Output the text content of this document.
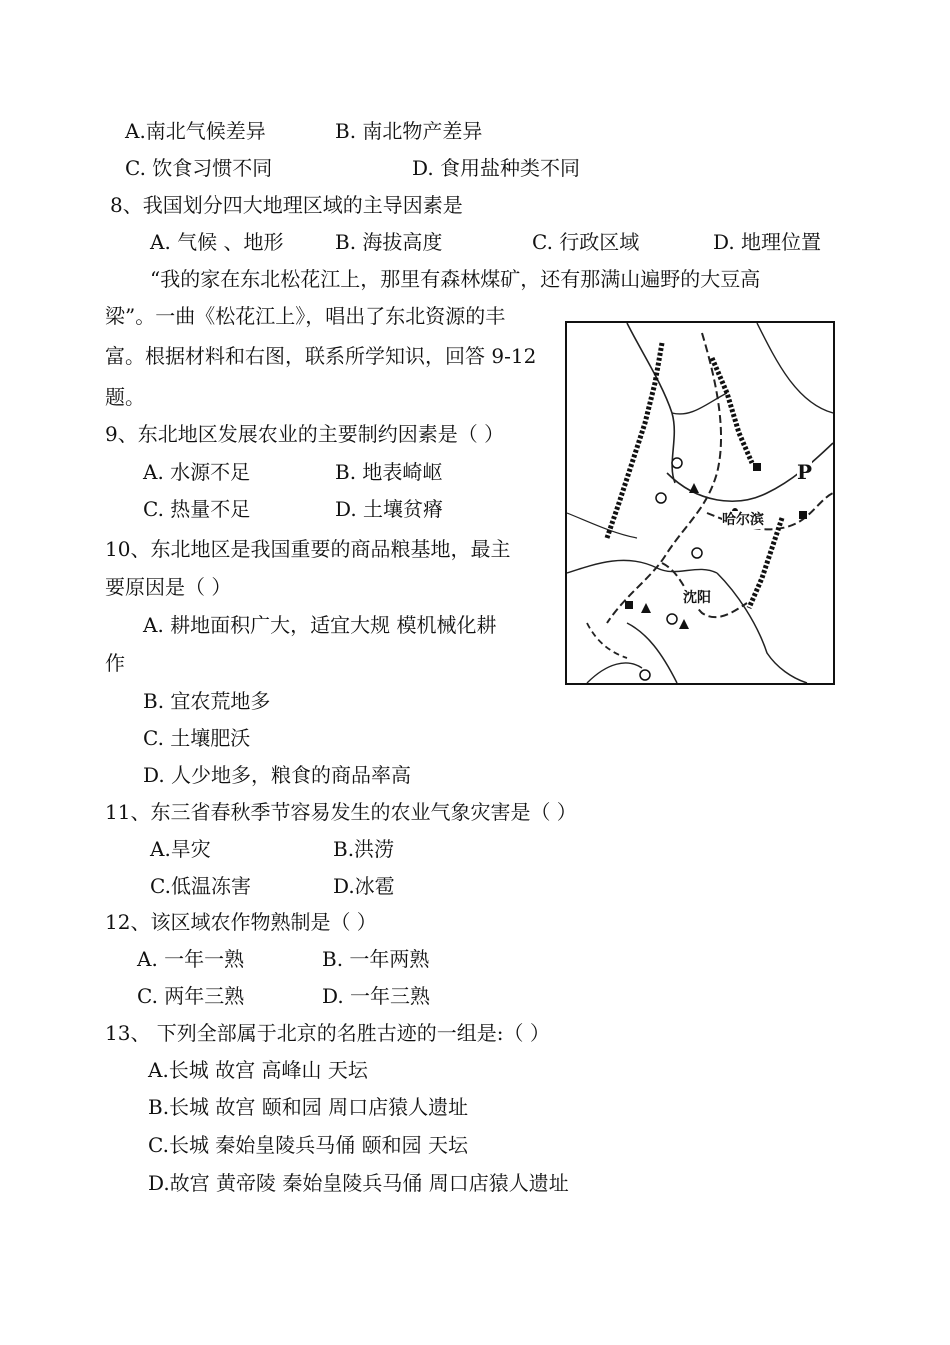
A.南北气候差异	B. 南北物产差异
C. 饮食习惯不同	D. 食用盐种类不同
8、我国划分四大地理区域的主导因素是
A. 气候 、地形	B. 海拔高度	C. 行政区域	D. 地理位置
“我的家在东北松花江上，那里有森林煤矿，还有那满山遍野的大豆高
梁”。一曲《松花江上》，唱出了东北资源的丰
富。根据材料和右图，联系所学知识，回答 9-12
题。
P
哈尔滨
沈阳
9、东北地区发展农业的主要制约因素是（ ）
A. 水源不足	B. 地表崎岖
C. 热量不足	D. 土壤贫瘠
10、东北地区是我国重要的商品粮基地，最主
要原因是（ ）
A. 耕地面积广大，适宜大规 模机械化耕
作
B. 宜农荒地多
C. 土壤肥沃
D. 人少地多，粮食的商品率高
11、东三省春秋季节容易发生的农业气象灾害是（ ）
A.旱灾	B.洪涝
C.低温冻害	D.冰雹
12、该区域农作物熟制是（ ）
A. 一年一熟	B. 一年两熟
C. 两年三熟	D. 一年三熟
13、 下列全部属于北京的名胜古迹的一组是:（ ）
A.长城 故宫 高峰山 天坛
B.长城 故宫 颐和园 周口店猿人遗址
C.长城 秦始皇陵兵马俑 颐和园 天坛
D.故宫 黄帝陵 秦始皇陵兵马俑 周口店猿人遗址
